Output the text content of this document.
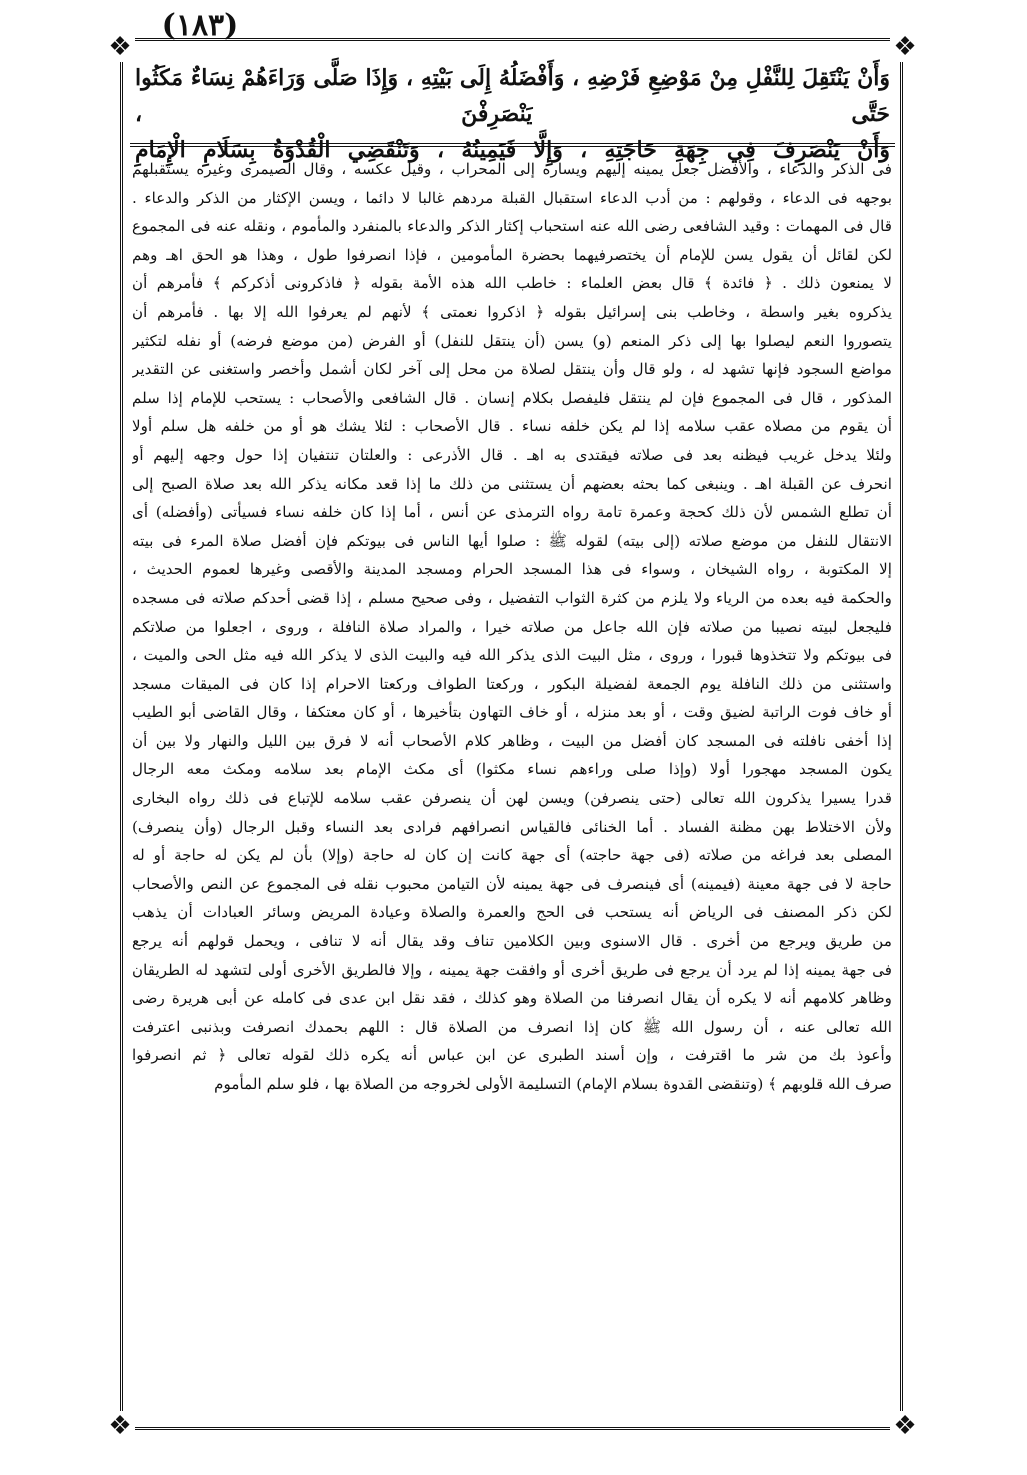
(١٨٣)
❖	❖
❖	❖

وَأَنْ يَنْتَقِلَ لِلنَّفْلِ مِنْ مَوْضِعِ فَرْضِهِ ، وَأَفْضَلُهُ إِلَى بَيْتِهِ ، وَإِذَا صَلَّى وَرَاءَهُمْ نِسَاءٌ مَكَثُوا حَتَّى يَنْصَرِفْنَ ،

وَأَنْ يَنْصَرِفَ فِي جِهَةِ حَاجَتِهِ ، وَإِلَّا فَيَمِينُهُ ، وَتَنْقَضِي الْقُدْوَةُ بِسَلَامِ الْإِمَامِ

فى الذكر والدعاء ، والأفضل جعل يمينه إليهم ويساره إلى المحراب ، وقيل عكسه ، وقال الصيمرى وغيره يستقبلهم

بوجهه فى الدعاء ، وقولهم : من أدب الدعاء استقبال القبلة مردهم غالبا لا دائما ، ويسن الإكثار من الذكر والدعاء .

قال فى المهمات : وقيد الشافعى رضى الله عنه استحباب إكثار الذكر والدعاء بالمنفرد والمأموم ، ونقله عنه فى المجموع

لكن لقائل أن يقول يسن للإمام أن يختصرفيهما بحضرة المأمومين ، فإذا انصرفوا طول ، وهذا هو الحق اهـ وهم

لا يمنعون ذلك . ﴿ فائدة ﴾ قال بعض العلماء : خاطب الله هذه الأمة بقوله ﴿ فاذكرونى أذكركم ﴾ فأمرهم أن

يذكروه بغير واسطة ، وخاطب بنى إسرائيل بقوله ﴿ اذكروا نعمتى ﴾ لأنهم لم يعرفوا الله إلا بها . فأمرهم أن

يتصوروا النعم ليصلوا بها إلى ذكر المنعم (و) يسن (أن ينتقل للنفل) أو الفرض (من موضع فرضه) أو نفله لتكثير

مواضع السجود فإنها تشهد له ، ولو قال وأن ينتقل لصلاة من محل إلى آخر لكان أشمل وأخصر واستغنى عن التقدير

المذكور ، قال فى المجموع فإن لم ينتقل فليفصل بكلام إنسان . قال الشافعى والأصحاب : يستحب للإمام إذا سلم

أن يقوم من مصلاه عقب سلامه إذا لم يكن خلفه نساء . قال الأصحاب : لئلا يشك هو أو من خلفه هل سلم أولا

ولئلا يدخل غريب فيظنه بعد فى صلاته فيقتدى به اهـ . قال الأذرعى : والعلتان تنتفيان إذا حول وجهه إليهم أو

انحرف عن القبلة اهـ . وينبغى كما بحثه بعضهم أن يستثنى من ذلك ما إذا قعد مكانه يذكر الله بعد صلاة الصبح إلى

أن تطلع الشمس لأن ذلك كحجة وعمرة تامة رواه الترمذى عن أنس ، أما إذا كان خلفه نساء فسيأتى (وأفضله) أى

الانتقال للنفل من موضع صلاته (إلى بيته) لقوله ﷺ : صلوا أيها الناس فى بيوتكم فإن أفضل صلاة المرء فى بيته

إلا المكتوبة ، رواه الشيخان ، وسواء فى هذا المسجد الحرام ومسجد المدينة والأقصى وغيرها لعموم الحديث ،

والحكمة فيه بعده من الرياء ولا يلزم من كثرة الثواب التفضيل ، وفى صحيح مسلم ، إذا قضى أحدكم صلاته فى مسجده

فليجعل لبيته نصيبا من صلاته فإن الله جاعل من صلاته خيرا ، والمراد صلاة النافلة ، وروى ، اجعلوا من صلاتكم

فى بيوتكم ولا تتخذوها قبورا ، وروى ، مثل البيت الذى يذكر الله فيه والبيت الذى لا يذكر الله فيه مثل الحى والميت ،

واستثنى من ذلك النافلة يوم الجمعة لفضيلة البكور ، وركعتا الطواف وركعتا الاحرام إذا كان فى الميقات مسجد

أو خاف فوت الراتبة لضيق وقت ، أو بعد منزله ، أو خاف التهاون بتأخيرها ، أو كان معتكفا ، وقال القاضى أبو الطيب

إذا أخفى نافلته فى المسجد كان أفضل من البيت ، وظاهر كلام الأصحاب أنه لا فرق بين الليل والنهار ولا بين أن

يكون المسجد مهجورا أولا (وإذا صلى وراءهم نساء مكثوا) أى مكث الإمام بعد سلامه ومكث معه الرجال

قدرا يسيرا يذكرون الله تعالى (حتى ينصرفن) ويسن لهن أن ينصرفن عقب سلامه للإتباع فى ذلك رواه البخارى

ولأن الاختلاط بهن مظنة الفساد . أما الخنائى فالقياس انصرافهم فرادى بعد النساء وقبل الرجال (وأن ينصرف)

المصلى بعد فراغه من صلاته (فى جهة حاجته) أى جهة كانت إن كان له حاجة (وإلا) بأن لم يكن له حاجة أو له

حاجة لا فى جهة معينة (فيمينه) أى فينصرف فى جهة يمينه لأن التيامن محبوب نقله فى المجموع عن النص والأصحاب

لكن ذكر المصنف فى الرياض أنه يستحب فى الحج والعمرة والصلاة وعيادة المريض وسائر العبادات أن يذهب

من طريق ويرجع من أخرى . قال الاسنوى وبين الكلامين تناف وقد يقال أنه لا تنافى ، ويحمل قولهم أنه يرجع

فى جهة يمينه إذا لم يرد أن يرجع فى طريق أخرى أو وافقت جهة يمينه ، وإلا فالطريق الأخرى أولى لتشهد له الطريقان

وظاهر كلامهم أنه لا يكره أن يقال انصرفنا من الصلاة وهو كذلك ، فقد نقل ابن عدى فى كامله عن أبى هريرة رضى

الله تعالى عنه ، أن رسول الله ﷺ كان إذا انصرف من الصلاة قال : اللهم بحمدك انصرفت وبذنبى اعترفت

وأعوذ بك من شر ما اقترفت ، وإن أسند الطبرى عن ابن عباس أنه يكره ذلك لقوله تعالى ﴿ ثم انصرفوا

صرف الله قلوبهم ﴾ (وتنقضى القدوة بسلام الإمام) التسليمة الأولى لخروجه من الصلاة بها ، فلو سلم المأموم
